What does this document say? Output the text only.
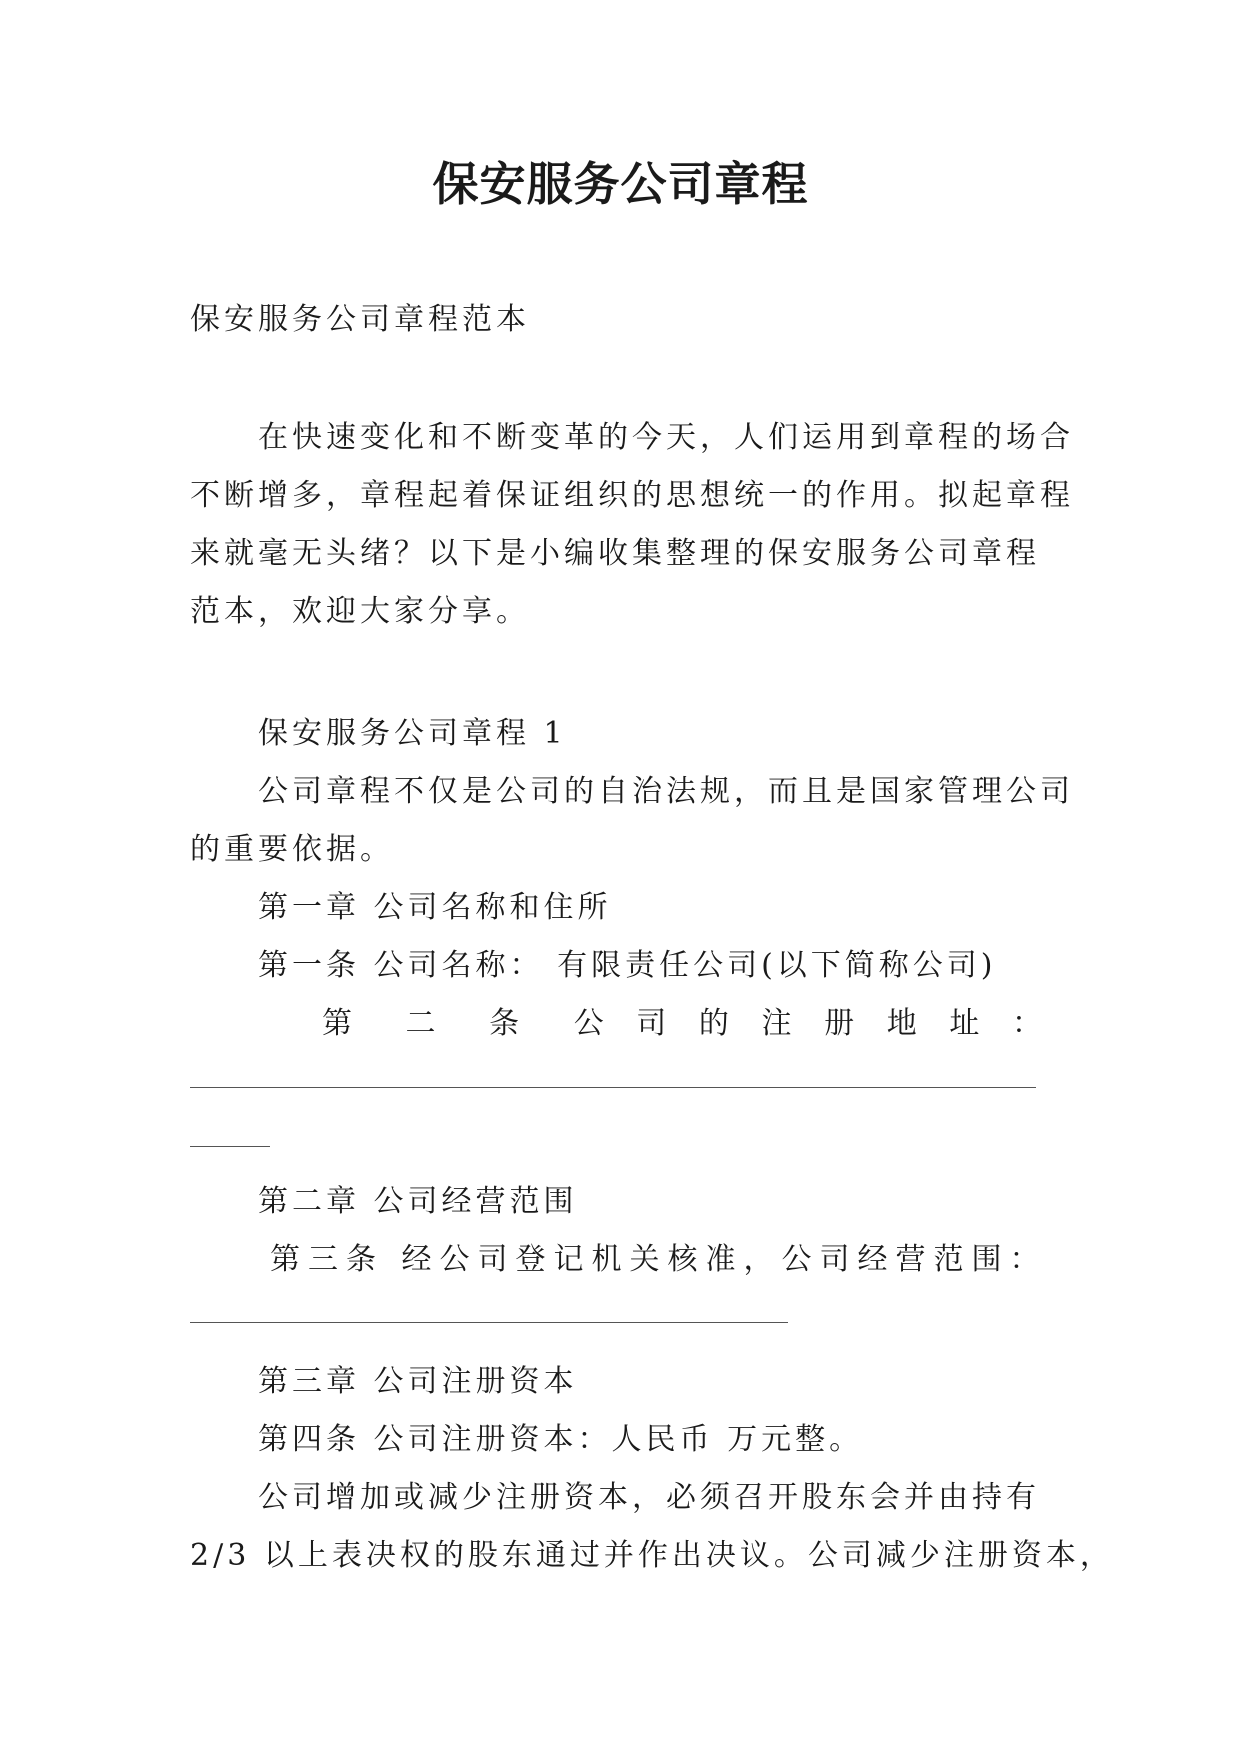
保安服务公司章程
保安服务公司章程范本
在快速变化和不断变革的今天，人们运用到章程的场合
不断增多，章程起着保证组织的思想统一的作用。拟起章程
来就毫无头绪？以下是小编收集整理的保安服务公司章程
范本，欢迎大家分享。
保安服务公司章程 1
公司章程不仅是公司的自治法规，而且是国家管理公司
的重要依据。
第一章 公司名称和住所
第一条 公司名称： 有限责任公司(以下简称公司)
第 二 条 公 司 的 注 册 地 址 ：
第二章 公司经营范围
第三条 经公司登记机关核准，公司经营范围：
第三章 公司注册资本
第四条 公司注册资本：人民币 万元整。
公司增加或减少注册资本，必须召开股东会并由持有
2/3 以上表决权的股东通过并作出决议。公司减少注册资本，
